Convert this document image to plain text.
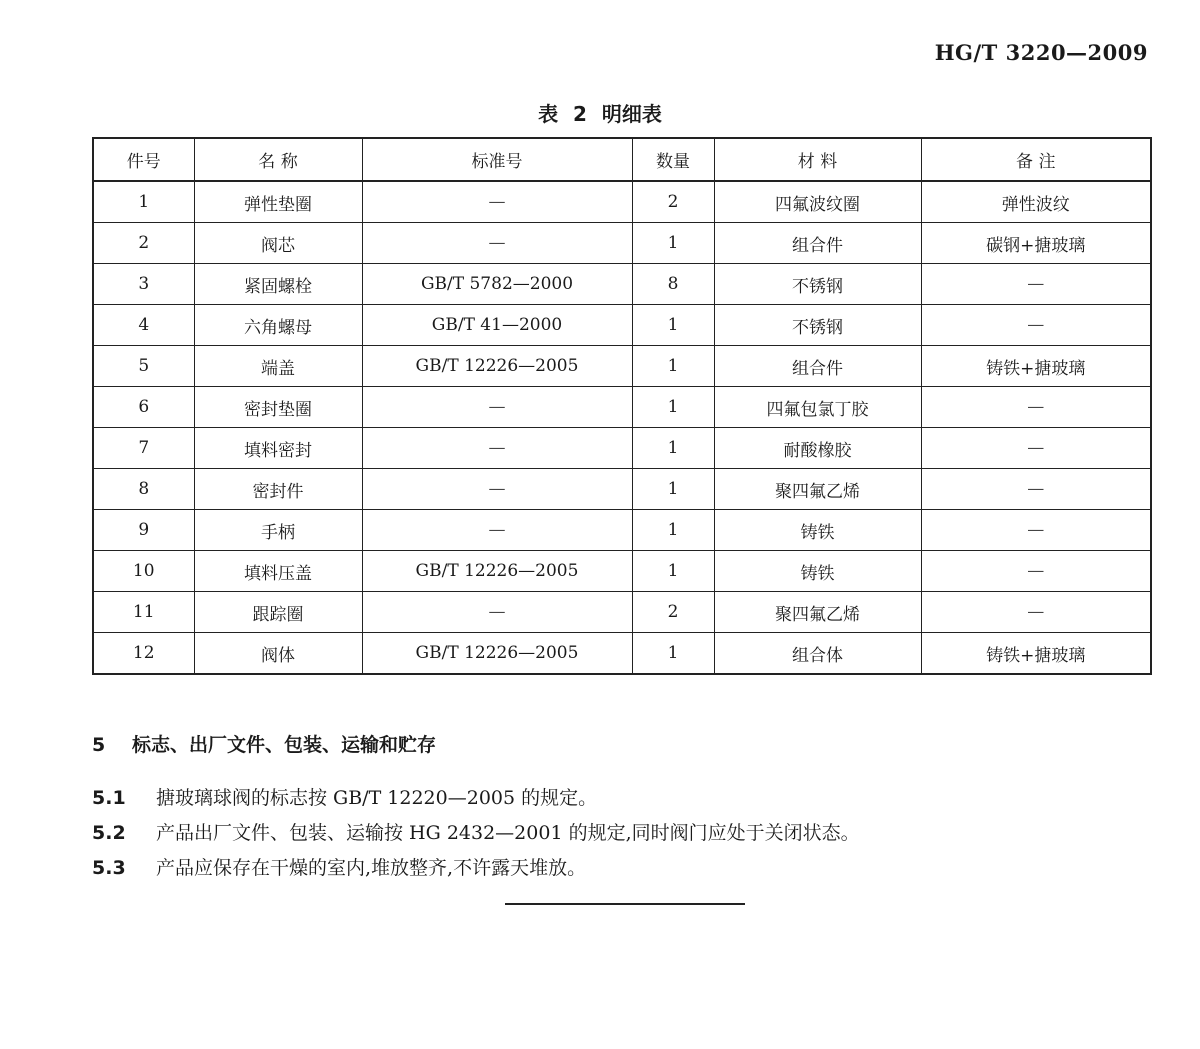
HG/T 3220—2009
表 2 明细表
件号	名 称	标准号	数量	材 料	备 注
1	弹性垫圈	—	2	四氟波纹圈	弹性波纹
2	阀芯	—	1	组合件	碳钢+搪玻璃
3	紧固螺栓	GB/T 5782—2000	8	不锈钢	—
4	六角螺母	GB/T 41—2000	1	不锈钢	—
5	端盖	GB/T 12226—2005	1	组合件	铸铁+搪玻璃
6	密封垫圈	—	1	四氟包氯丁胶	—
7	填料密封	—	1	耐酸橡胶	—
8	密封件	—	1	聚四氟乙烯	—
9	手柄	—	1	铸铁	—
10	填料压盖	GB/T 12226—2005	1	铸铁	—
11	跟踪圈	—	2	聚四氟乙烯	—
12	阀体	GB/T 12226—2005	1	组合体	铸铁+搪玻璃
5 标志、出厂文件、包装、运输和贮存
5.1 搪玻璃球阀的标志按 GB/T 12220—2005 的规定。
5.2 产品出厂文件、包装、运输按 HG 2432—2001 的规定,同时阀门应处于关闭状态。
5.3 产品应保存在干燥的室内,堆放整齐,不许露天堆放。
